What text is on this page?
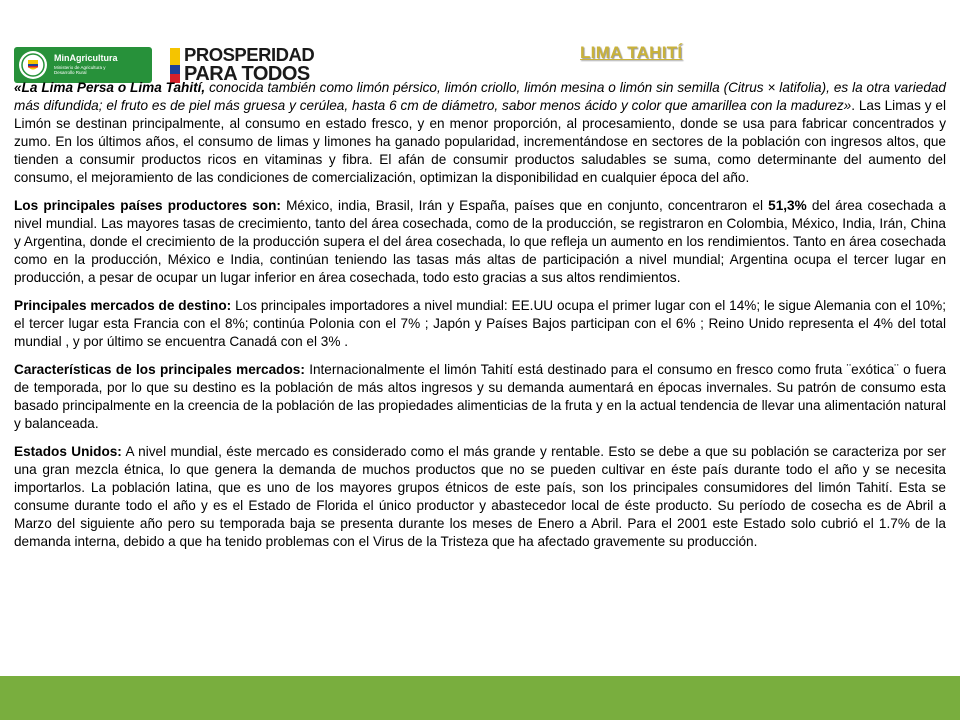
MinAgricultura
Ministerio de Agricultura y Desarrollo Rural
PROSPERIDAD
PARA TODOS
LIMA TAHITÍ

«La Lima Persa o Lima Tahití, conocida también como limón pérsico, limón criollo, limón mesina o limón sin semilla (Citrus × latifolia), es la otra variedad más difundida; el fruto es de piel más gruesa y cerúlea, hasta 6 cm de diámetro, sabor menos ácido y color que amarillea con la madurez». Las Limas y el Limón se destinan principalmente, al consumo en estado fresco, y en menor proporción, al procesamiento, donde se usa para fabricar concentrados y zumo. En los últimos años, el consumo de limas y limones ha ganado popularidad, incrementándose en sectores de la población con ingresos altos, que tienden a consumir productos ricos en vitaminas y fibra. El afán de consumir productos saludables se suma, como determinante del aumento del consumo, el mejoramiento de las condiciones de comercialización, optimizan la disponibilidad en cualquier época del año.

Los principales países productores son: México, india, Brasil, Irán y España, países que en conjunto, concentraron el 51,3% del área cosechada a nivel mundial. Las mayores tasas de crecimiento, tanto del área cosechada, como de la producción, se registraron en Colombia, México, India, Irán, China y Argentina, donde el crecimiento de la producción supera el del área cosechada, lo que refleja un aumento en los rendimientos. Tanto en área cosechada como en la producción, México e India, continúan teniendo las tasas más altas de participación a nivel mundial; Argentina ocupa el tercer lugar en producción, a pesar de ocupar un lugar inferior en área cosechada, todo esto gracias a sus altos rendimientos.

Principales mercados de destino: Los principales importadores a nivel mundial: EE.UU ocupa el primer lugar con el 14%; le sigue Alemania con el 10%; el tercer lugar esta Francia con el 8%; continúa Polonia con el 7% ; Japón y Países Bajos participan con el 6% ; Reino Unido representa el 4% del total mundial , y por último se encuentra Canadá con el 3% .

Características de los principales mercados: Internacionalmente el limón Tahití está destinado para el consumo en fresco como fruta ¨exótica¨ o fuera de temporada, por lo que su destino es la población de más altos ingresos y su demanda aumentará en épocas invernales. Su patrón de consumo esta basado principalmente en la creencia de la población de las propiedades alimenticias de la fruta y en la actual tendencia de llevar una alimentación natural y balanceada.

Estados Unidos: A nivel mundial, éste mercado es considerado como el más grande y rentable. Esto se debe a que su población se caracteriza por ser una gran mezcla étnica, lo que genera la demanda de muchos productos que no se pueden cultivar en éste país durante todo el año y se necesita importarlos. La población latina, que es uno de los mayores grupos étnicos de este país, son los principales consumidores del limón Tahití. Esta se consume durante todo el año y es el Estado de Florida el único productor y abastecedor local de éste producto. Su período de cosecha es de Abril a Marzo del siguiente año pero su temporada baja se presenta durante los meses de Enero a Abril. Para el 2001 este Estado solo cubrió el 1.7% de la demanda interna, debido a que ha tenido problemas con el Virus de la Tristeza que ha afectado gravemente su producción.
